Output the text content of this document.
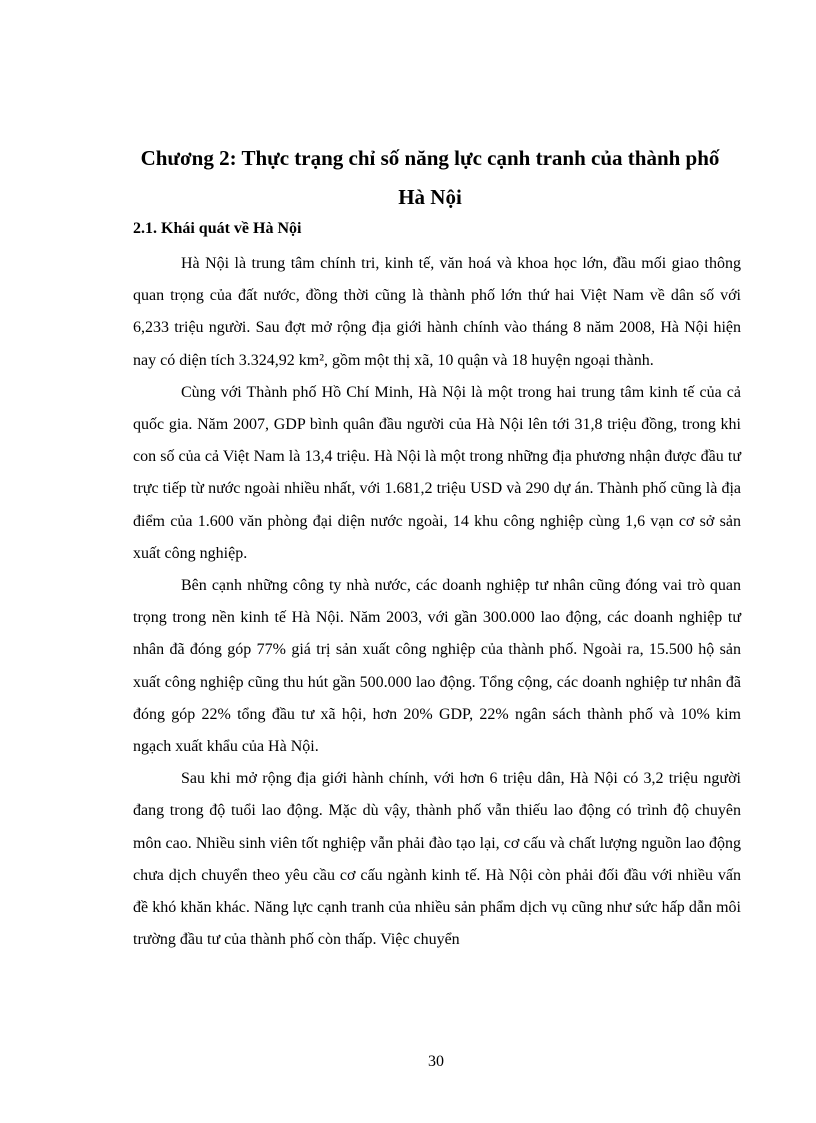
Chương 2: Thực trạng chỉ số năng lực cạnh tranh của thành phố
Hà Nội
2.1. Khái quát về Hà Nội

Hà Nội là trung tâm chính tri, kinh tế, văn hoá và khoa học lớn, đầu mối giao thông quan trọng của đất nước, đồng thời cũng là thành phố lớn thứ hai Việt Nam về dân số với 6,233 triệu người. Sau đợt mở rộng địa giới hành chính vào tháng 8 năm 2008, Hà Nội hiện nay có diện tích 3.324,92 km², gồm một thị xã, 10 quận và 18 huyện ngoại thành.

Cùng với Thành phố Hồ Chí Minh, Hà Nội là một trong hai trung tâm kinh tế của cả quốc gia. Năm 2007, GDP bình quân đầu người của Hà Nội lên tới 31,8 triệu đồng, trong khi con số của cả Việt Nam là 13,4 triệu. Hà Nội là một trong những địa phương nhận được đầu tư trực tiếp từ nước ngoài nhiều nhất, với 1.681,2 triệu USD và 290 dự án. Thành phố cũng là địa điểm của 1.600 văn phòng đại diện nước ngoài, 14 khu công nghiệp cùng 1,6 vạn cơ sở sản xuất công nghiệp.

Bên cạnh những công ty nhà nước, các doanh nghiệp tư nhân cũng đóng vai trò quan trọng trong nền kinh tế Hà Nội. Năm 2003, với gần 300.000 lao động, các doanh nghiệp tư nhân đã đóng góp 77% giá trị sản xuất công nghiệp của thành phố. Ngoài ra, 15.500 hộ sản xuất công nghiệp cũng thu hút gần 500.000 lao động. Tổng cộng, các doanh nghiệp tư nhân đã đóng góp 22% tổng đầu tư xã hội, hơn 20% GDP, 22% ngân sách thành phố và 10% kim ngạch xuất khẩu của Hà Nội.

Sau khi mở rộng địa giới hành chính, với hơn 6 triệu dân, Hà Nội có 3,2 triệu người đang trong độ tuổi lao động. Mặc dù vậy, thành phố vẫn thiếu lao động có trình độ chuyên môn cao. Nhiều sinh viên tốt nghiệp vẫn phải đào tạo lại, cơ cấu và chất lượng nguồn lao động chưa dịch chuyển theo yêu cầu cơ cấu ngành kinh tế. Hà Nội còn phải đối đầu với nhiều vấn đề khó khăn khác. Năng lực cạnh tranh của nhiều sản phẩm dịch vụ cũng như sức hấp dẫn môi trường đầu tư của thành phố còn thấp. Việc chuyển

30
